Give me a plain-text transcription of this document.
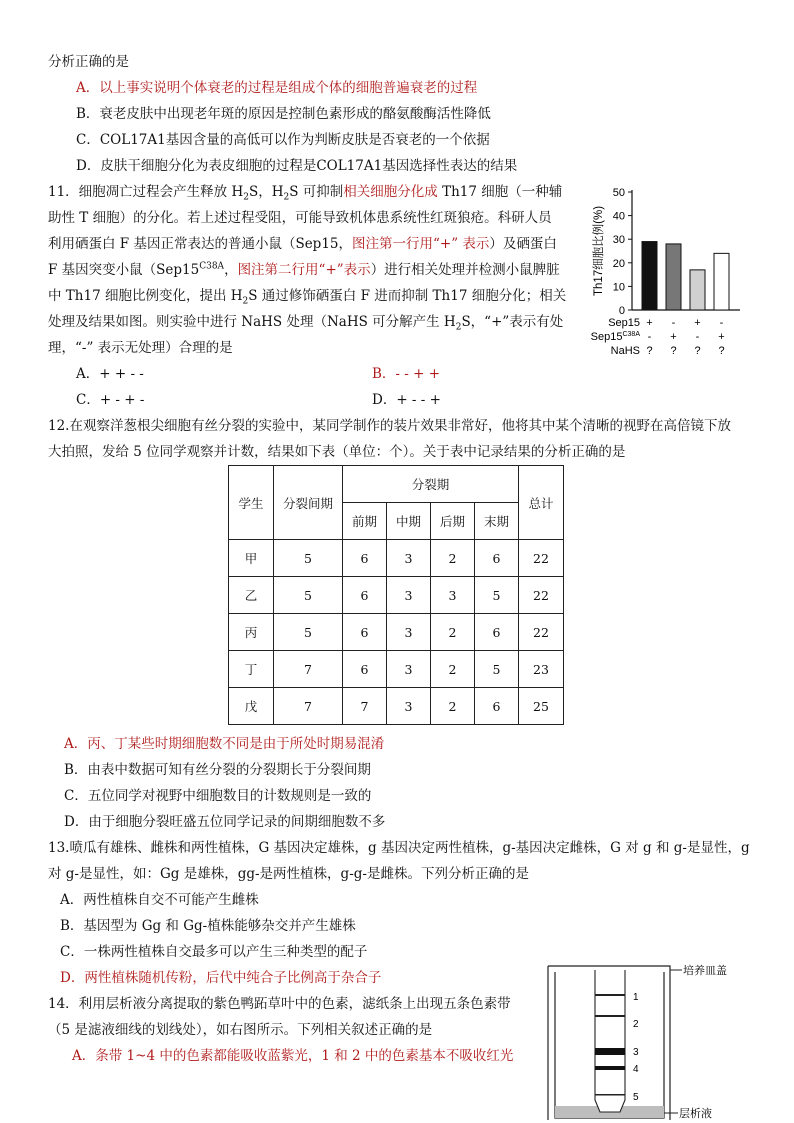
分析正确的是
A．以上事实说明个体衰老的过程是组成个体的细胞普遍衰老的过程
B．衰老皮肤中出现老年斑的原因是控制色素形成的酪氨酸酶活性降低
C．COL17A1基因含量的高低可以作为判断皮肤是否衰老的一个依据
D．皮肤干细胞分化为表皮细胞的过程是COL17A1基因选择性表达的结果
11．细胞凋亡过程会产生释放 $H_2S$，$H_2S$ 可抑制相关细胞分化成 Th17 细胞（一种辅
助性 T 细胞）的分化。若上述过程受阻，可能导致机体患系统性红斑狼疮。科研人员
利用硒蛋白 F 基因正常表达的普通小鼠（Sep15，图注第一行用“+” 表示）及硒蛋白
F 基因突变小鼠（$Sep15^{C38A}$，图注第二行用“+”表示）进行相关处理并检测小鼠脾脏
中 Th17 细胞比例变化，提出 $H_2S$ 通过修饰硒蛋白 F 进而抑制 Th17 细胞分化；相关
处理及结果如图。则实验中进行 NaHS 处理（NaHS 可分解产生 $H_2S$，“+”表示有处
理，“-” 表示无处理）合理的是
A．+ + - -	B．- - + +
C．+ - + -	D．+ - - +
0
10
20
30
40
50
Th17细胞比例(%)
Sep15 + - + -
$Sep15^{C38A}$ - + - +
NaHS ? ? ? ?
12.在观察洋葱根尖细胞有丝分裂的实验中，某同学制作的装片效果非常好，他将其中某个清晰的视野在高倍镜下放
大拍照，发给 5 位同学观察并计数，结果如下表（单位：个）。关于表中记录结果的分析正确的是
学生	分裂间期	分裂期				总计
		前期	中期	后期	末期	
甲	5	6	3	2	6	22
乙	5	6	3	3	5	22
丙	5	6	3	2	6	22
丁	7	6	3	2	5	23
戊	7	7	3	2	6	25
A．丙、丁某些时期细胞数不同是由于所处时期易混淆
B．由表中数据可知有丝分裂的分裂期长于分裂间期
C．五位同学对视野中细胞数目的计数规则是一致的
D．由于细胞分裂旺盛五位同学记录的间期细胞数不多
13.喷瓜有雄株、雌株和两性植株，G 基因决定雄株，g 基因决定两性植株，g-基因决定雌株，G 对 g 和 g-是显性，g
对 g-是显性，如：Gg 是雄株，gg-是两性植株，g-g-是雌株。下列分析正确的是
A．两性植株自交不可能产生雌株
B．基因型为 Gg 和 Gg-植株能够杂交并产生雄株
C．一株两性植株自交最多可以产生三种类型的配子
D．两性植株随机传粉，后代中纯合子比例高于杂合子
14．利用层析液分离提取的紫色鸭跖草叶中的色素，滤纸条上出现五条色素带
（5 是滤液细线的划线处），如右图所示。下列相关叙述正确的是
A．条带 1~4 中的色素都能吸收蓝紫光，1 和 2 中的色素基本不吸收红光
1
2
3
4
5
培养皿盖
层析液
